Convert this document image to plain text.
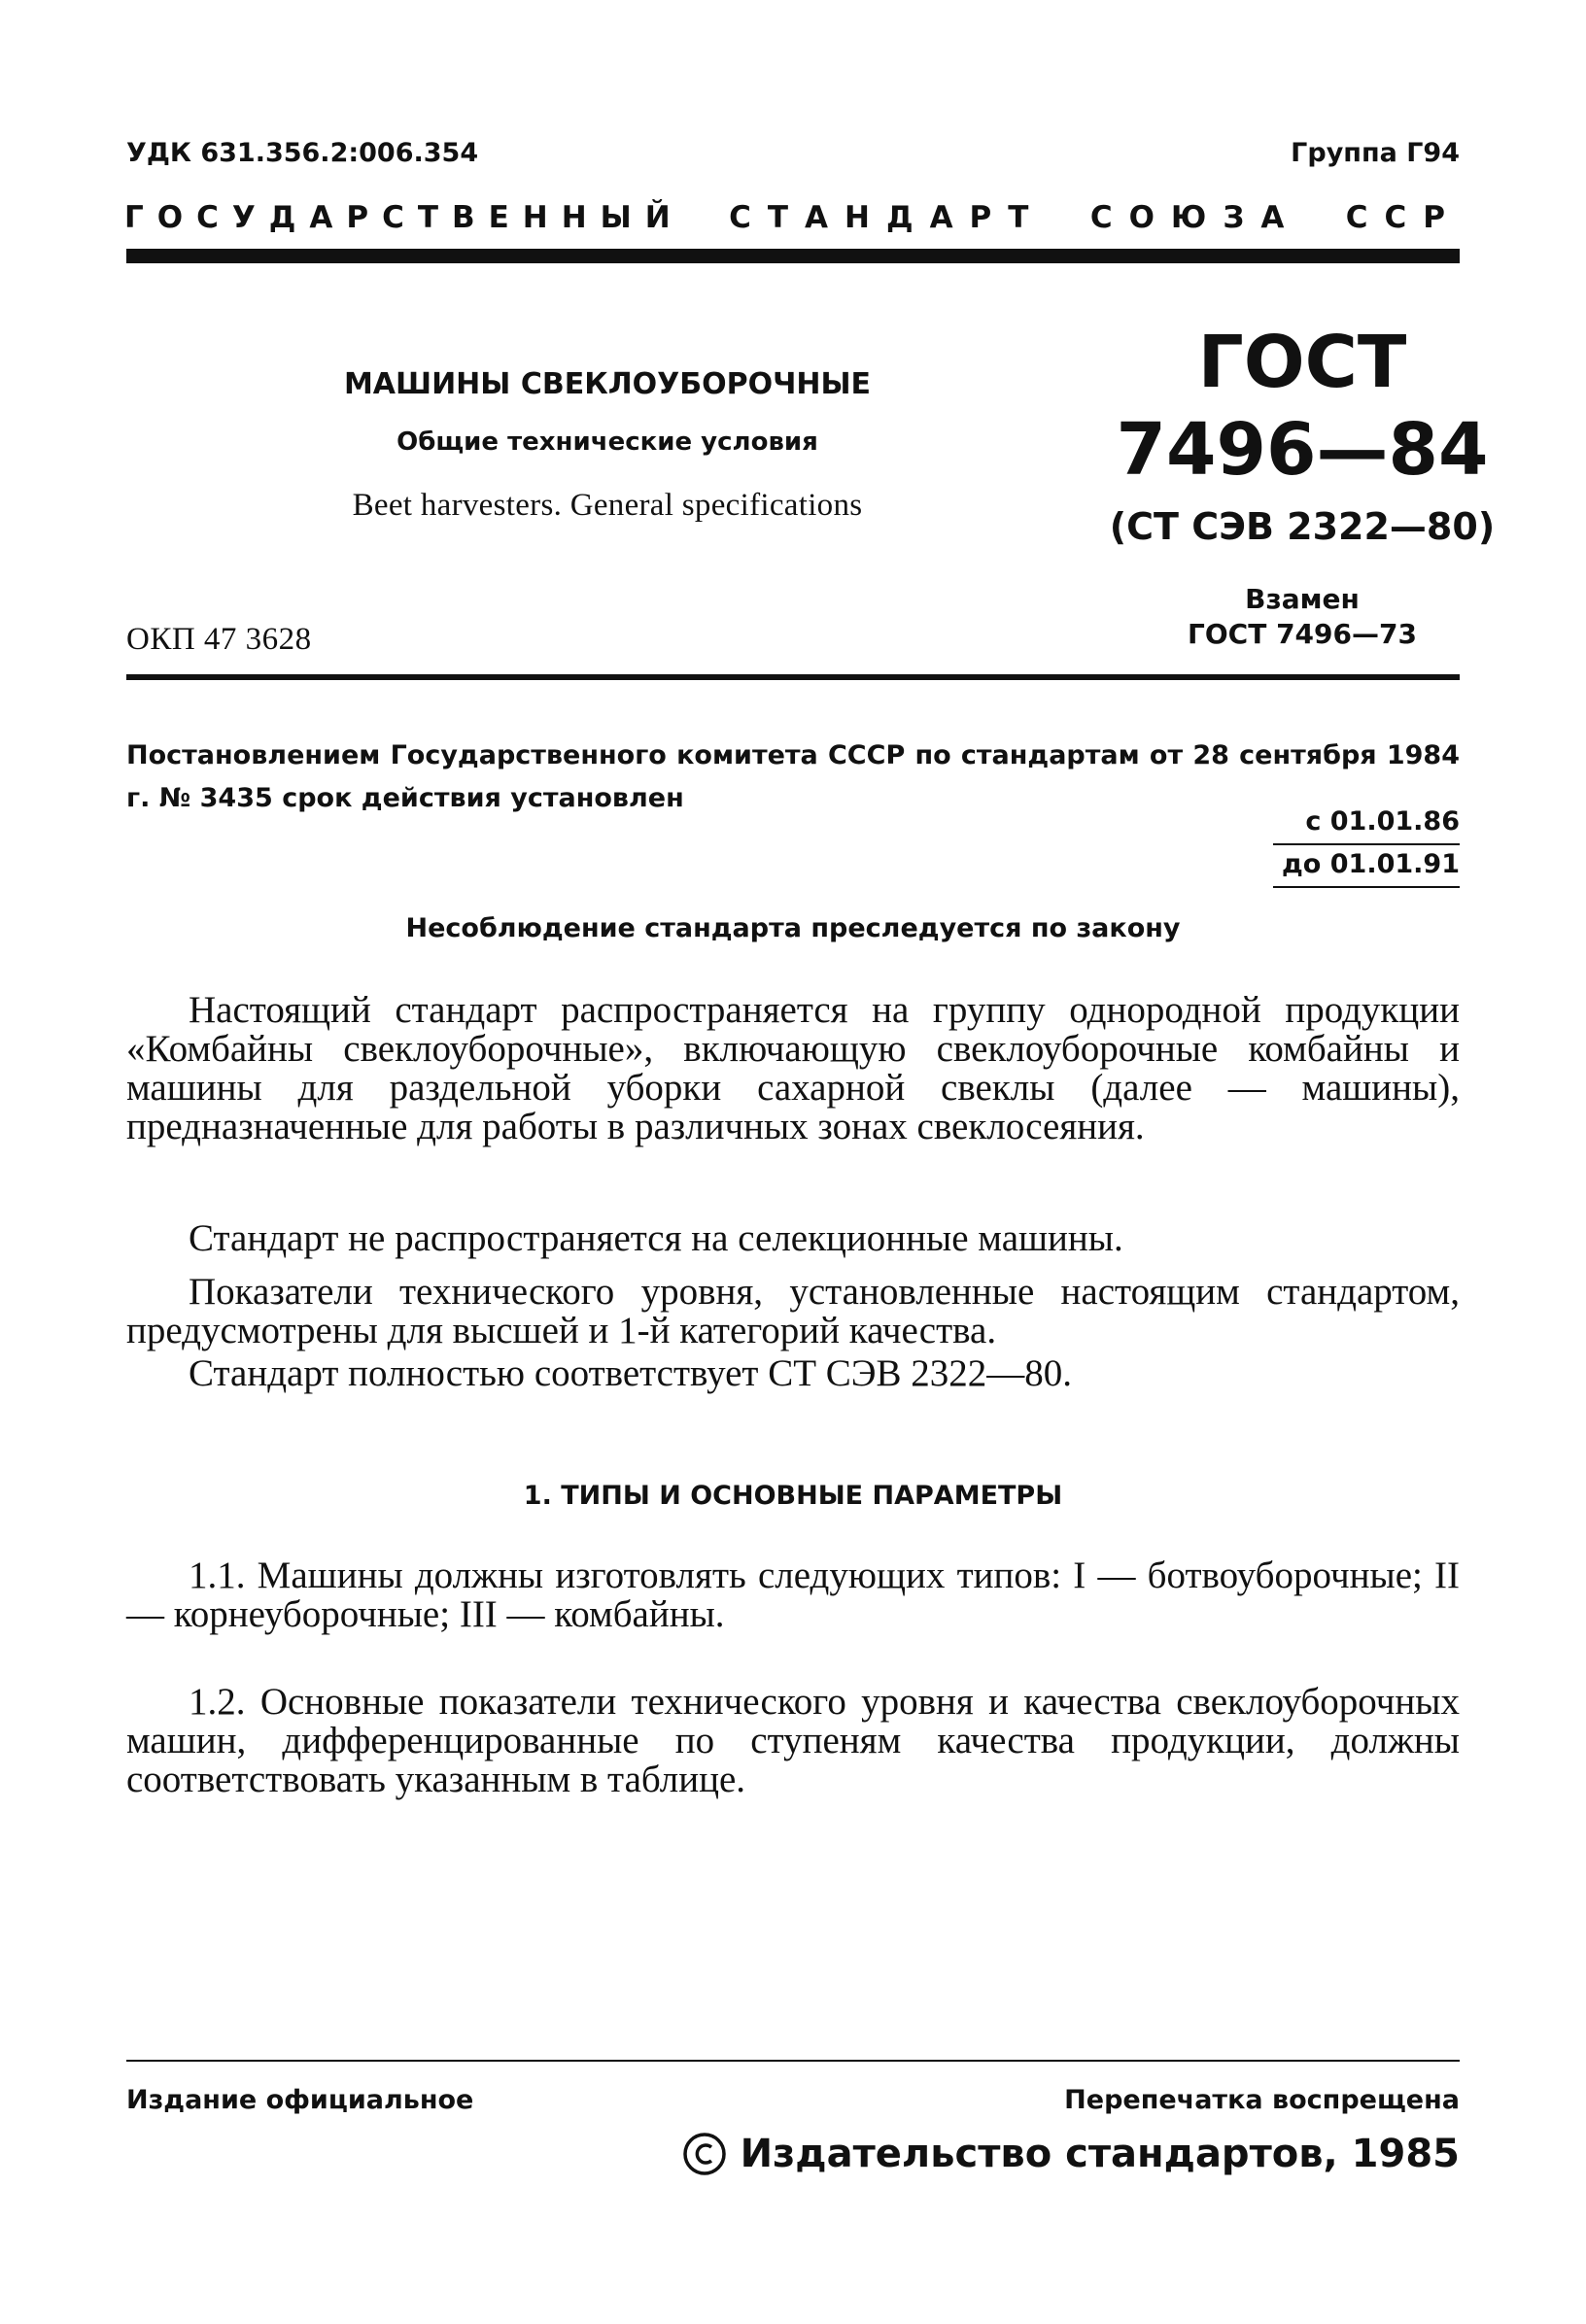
УДК 631.356.2:006.354	Группа Г94
ГОСУДАРСТВЕННЫЙ СТАНДАРТ СОЮЗА ССР
МАШИНЫ СВЕКЛОУБОРОЧНЫЕ
Общие технические условия
Beet harvesters. General specifications
ОКП 47 3628
ГОСТ
7496—84
(СТ СЭВ 2322—80)
Взамен
ГОСТ 7496—73
Постановлением Государственного комитета СССР по стандартам от 28 сентября 1984 г. № 3435 срок действия установлен
с 01.01.86
до 01.01.91
Несоблюдение стандарта преследуется по закону
Настоящий стандарт распространяется на группу однородной продукции «Комбайны свеклоуборочные», включающую свеклоуборочные комбайны и машины для раздельной уборки сахарной свеклы (далее — машины), предназначенные для работы в различных зонах свеклосеяния.
Стандарт не распространяется на селекционные машины.
Показатели технического уровня, установленные настоящим стандартом, предусмотрены для высшей и 1-й категорий качества.
Стандарт полностью соответствует СТ СЭВ 2322—80.
1. ТИПЫ И ОСНОВНЫЕ ПАРАМЕТРЫ
1.1. Машины должны изготовлять следующих типов: I — ботвоуборочные; II — корнеуборочные; III — комбайны.
1.2. Основные показатели технического уровня и качества свеклоуборочных машин, дифференцированные по ступеням качества продукции, должны соответствовать указанным в таблице.
Издание официальное	Перепечатка воспрещена
Издательство стандартов, 1985
